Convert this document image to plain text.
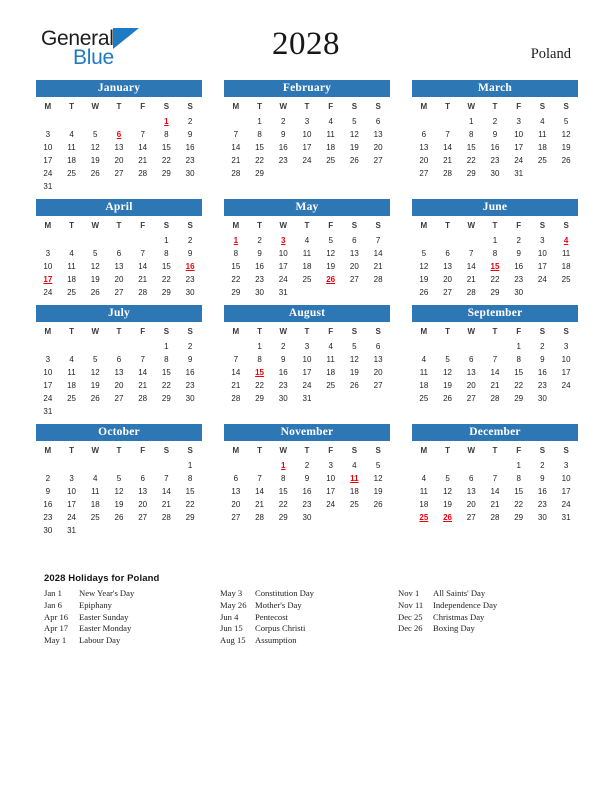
General
Blue	2028	Poland
January
M	T	W	T	F	S	S
					1	2
3	4	5	6	7	8	9
10	11	12	13	14	15	16
17	18	19	20	21	22	23
24	25	26	27	28	29	30
31						
February
M	T	W	T	F	S	S
	1	2	3	4	5	6
7	8	9	10	11	12	13
14	15	16	17	18	19	20
21	22	23	24	25	26	27
28	29					
March
M	T	W	T	F	S	S
		1	2	3	4	5
6	7	8	9	10	11	12
13	14	15	16	17	18	19
20	21	22	23	24	25	26
27	28	29	30	31		
April
M	T	W	T	F	S	S
					1	2
3	4	5	6	7	8	9
10	11	12	13	14	15	16
17	18	19	20	21	22	23
24	25	26	27	28	29	30
May
M	T	W	T	F	S	S
1	2	3	4	5	6	7
8	9	10	11	12	13	14
15	16	17	18	19	20	21
22	23	24	25	26	27	28
29	30	31				
June
M	T	W	T	F	S	S
			1	2	3	4
5	6	7	8	9	10	11
12	13	14	15	16	17	18
19	20	21	22	23	24	25
26	27	28	29	30		
July
M	T	W	T	F	S	S
					1	2
3	4	5	6	7	8	9
10	11	12	13	14	15	16
17	18	19	20	21	22	23
24	25	26	27	28	29	30
31						
August
M	T	W	T	F	S	S
	1	2	3	4	5	6
7	8	9	10	11	12	13
14	15	16	17	18	19	20
21	22	23	24	25	26	27
28	29	30	31			
September
M	T	W	T	F	S	S
				1	2	3
4	5	6	7	8	9	10
11	12	13	14	15	16	17
18	19	20	21	22	23	24
25	26	27	28	29	30	
October
M	T	W	T	F	S	S
						1
2	3	4	5	6	7	8
9	10	11	12	13	14	15
16	17	18	19	20	21	22
23	24	25	26	27	28	29
30	31					
November
M	T	W	T	F	S	S
		1	2	3	4	5
6	7	8	9	10	11	12
13	14	15	16	17	18	19
20	21	22	23	24	25	26
27	28	29	30			
December
M	T	W	T	F	S	S
				1	2	3
4	5	6	7	8	9	10
11	12	13	14	15	16	17
18	19	20	21	22	23	24
25	26	27	28	29	30	31
2028 Holidays for Poland
Jan 1	New Year's Day
Jan 6	Epiphany
Apr 16	Easter Sunday
Apr 17	Easter Monday
May 1	Labour Day
May 3	Constitution Day
May 26 Mother's Day
Jun 4	Pentecost
Jun 15	Corpus Christi
Aug 15	Assumption
Nov 1	All Saints' Day
Nov 11	Independence Day
Dec 25	Christmas Day
Dec 26	Boxing Day
